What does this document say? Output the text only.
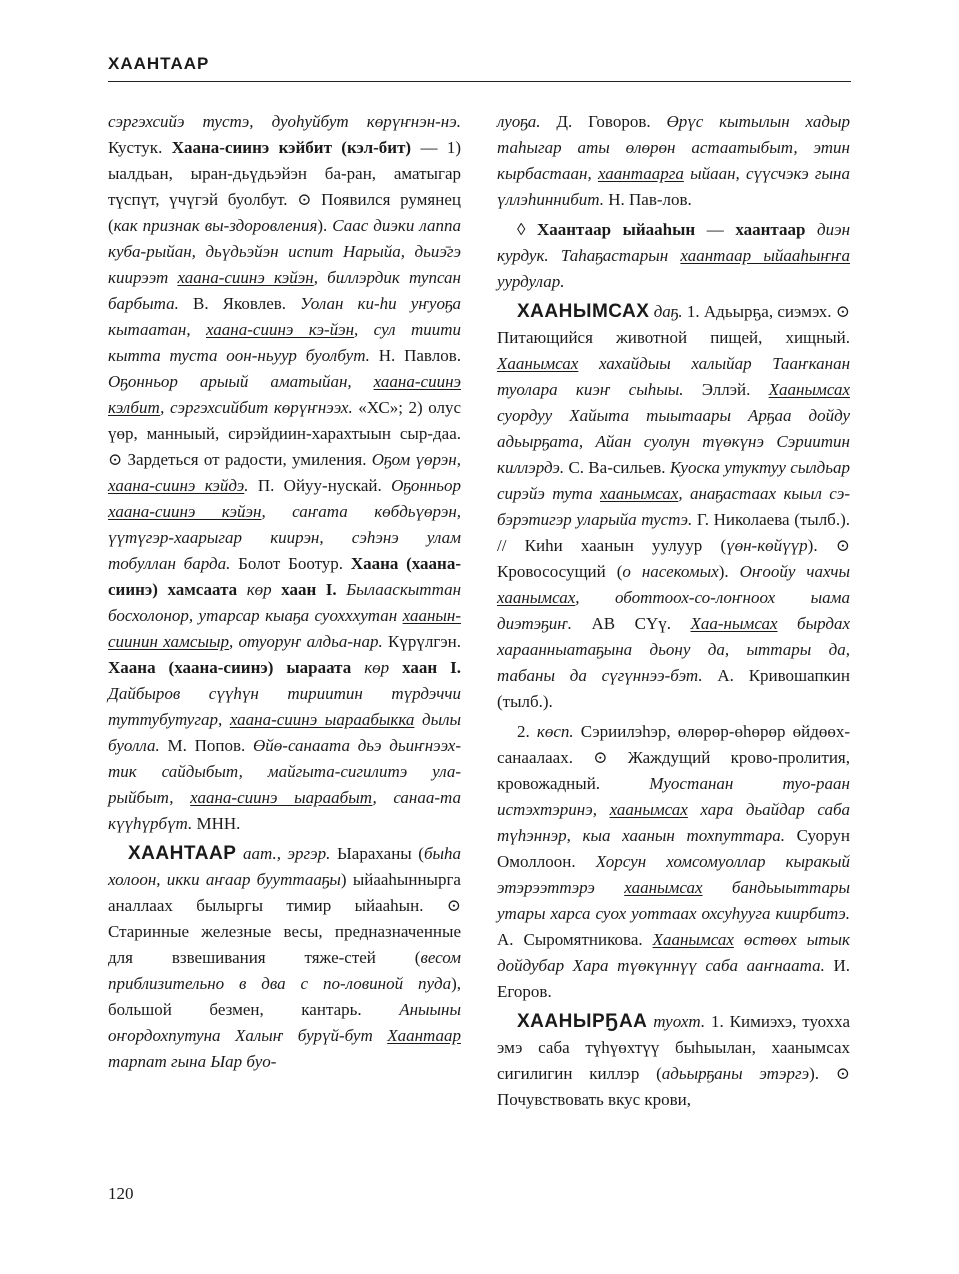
ХААНТААР

сэргэхсийэ тустэ, дуоһуйбут көрүҥнэн-нэ. Кустук. Хаана-сиинэ кэйбит (кэл-бит) — 1) ыалдьан, ыран-дьүдьэйэн ба-ран, аматыгар түспүт, үчүгэй буолбут. ⊙ Появился румянец (как признак вы-здоровления). Саас диэки лаппа куба-рыйан, дьүдьэйэн испит Нарыйа, дьиэ̄гэ киирээт хаана-сиинэ кэйэн, биллэрдик тупсан барбыта. В. Яковлев. Уолан ки-һи уҥуоҕа кытаатан, хаана-сиинэ кэ-йэн, сул тиити кытта туста оон-ньуур буолбут. Н. Павлов. Оҕонньор арыый аматыйан, хаана-сиинэ кэлбит, сэргэхсийбит көрүҥнээх. «ХС»; 2) олус үөр, манныый, сирэйдиин-харахтыын сыр-даа. ⊙ Зардеться от радости, умиления. Оҕом үөрэн, хаана-сиинэ кэйдэ. П. Ойуу-нускай. Оҕонньор хаана-сиинэ кэйэн, саҥата көбдьүөрэн, үүтүгэр-хаарыгар киирэн, сэһэнэ улам тобуллан барда. Болот Боотур. Хаана (хаана-сиинэ) хамсаата көр хаан I. Былааскыттан босхолонор, утарсар кыаҕа суохххутан хаанын-сиинин хамсыыр, отуоруҥ алдьа-нар. Күрүлгэн. Хаана (хаана-сиинэ) ыараата көр хаан I. Дайбыров сүүһүн тириитин түрдэччи туттубутугар, хаана-сиинэ ыараабыкка дылы буолла. М. Попов. Өйө-санаата дьэ дьиҥнээх-тик сайдыбыт, майгыта-сигилитэ ула-рыйбыт, хаана-сиинэ ыараабыт, санаа-та күүһүрбүт. МНН.

ХААНТААР аат., эргэр. Ыараханы (быһа холоон, икки аҥаар бууттааҕы) ыйааһыннырга аналлаах былыргы тимир ыйааһын. ⊙ Старинные железные весы, предназначенные для взвешивания тяже-стей (весом приблизительно в два с по-ловиной пуда), большой безмен, кантарь. Аныыны оҥордохпутуна Халыҥ бурүй-бут Хаантаар тарпат гына Ыар буо-

луоҕа. Д. Говоров. Өрүс кытылын хадыр таһыгар аты өлөрөн астаатыбыт, этин кырбастаан, хаантаарга ыйаан, сүүсчэкэ гына үллэһиннибит. Н. Пав-лов.

◊ Хаантаар ыйааһын — хаантаар диэн курдук. Таһаҕастарын хаантаар ыйааһыҥҥа уурдулар.

ХААНЫМСАХ даҕ. 1. Адьырҕа, сиэмэх. ⊙ Питающийся животной пищей, хищный. Хаанымсах хахайдыы халыйар Тааҥканан туолара киэҥ сыһыы. Эллэй. Хаанымсах суордуу Хайыта тыытаары Арҕаа дойду адьырҕата, Айан суолун түөкүнэ Сэриитин киллэрдэ. С. Ва-сильев. Куоска утуктуу сылдьар сирэйэ тута хаанымсах, анаҕастаах кыыл сэ-бэрэтигэр уларыйа тустэ. Г. Николаева (тылб.). // Киһи хаанын уулуур (үөн-көйүүр). ⊙ Кровососущий (о насекомых). Оҥоойу чахчы хаанымсах, оботтоох-со-лоҥноох ыама диэтэҕиҥ. АВ СҮү. Хаа-нымсах бырдах хараанныатаҕына дьону да, ыттары да, табаны да сүгүннээ-бэт. А. Кривошапкин (тылб.).

2. көсп. Сэриилэһэр, өлөрөр-өһөрөр өйдөөх-санаалаах. ⊙ Жаждущий крово-пролития, кровожадный. Муостанан туо-раан истэхтэринэ, хаанымсах хара дьайдар саба түһэннэр, кыа хаанын тохпуттара. Суорун Омоллоон. Хорсун хомсомуоллар кыракый этэрээттэрэ хаанымсах бандьыыттары утары харса суох уоттаах охсуһууга киирбитэ. А. Сыромятникова. Хаанымсах өстөөх ытык дойдубар Хара түөкүннүү саба ааҥнаата. И. Егоров.

ХААНЫРҔАА туохт. 1. Кимиэхэ, туохха эмэ саба түһүөхтүү быһыылан, хаанымсах сигилигин киллэр (адьырҕаны этэргэ). ⊙ Почувствовать вкус крови,

120
